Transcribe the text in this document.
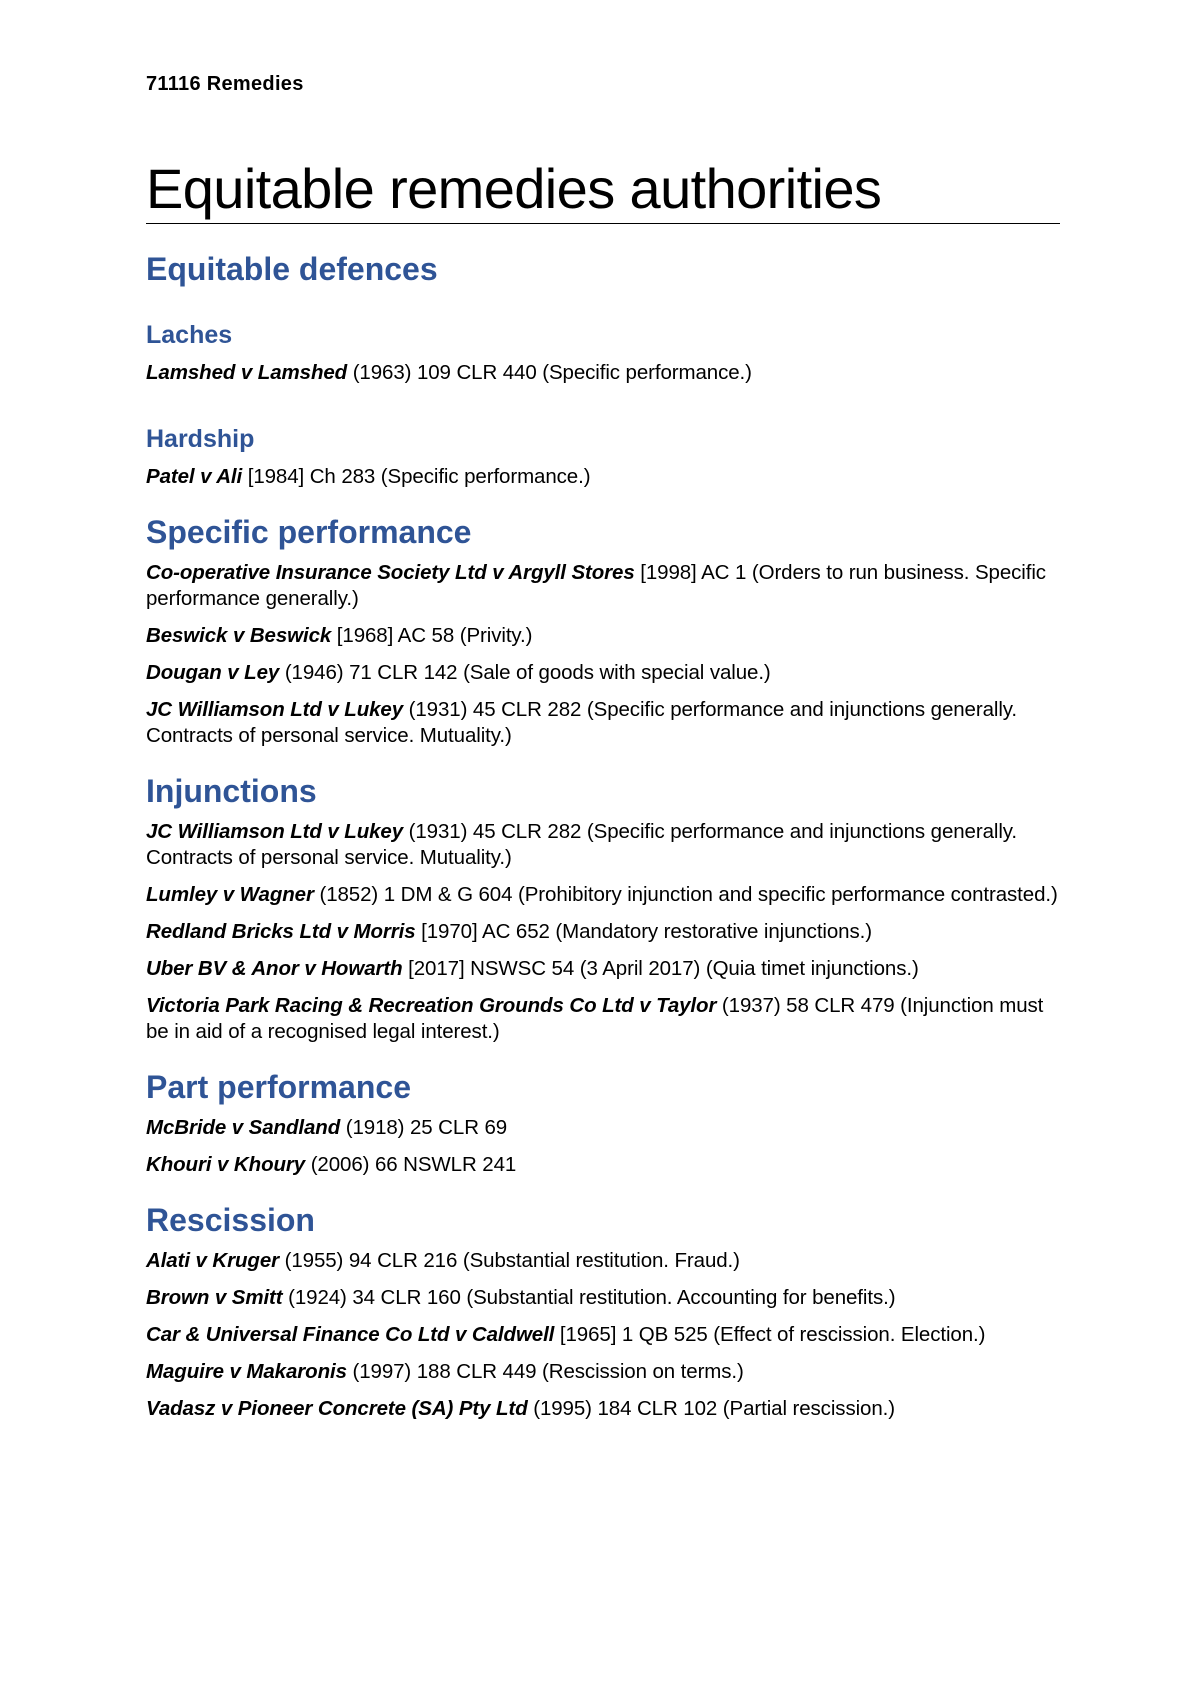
71116 Remedies
Equitable remedies authorities
Equitable defences
Laches

Lamshed v Lamshed (1963) 109 CLR 440 (Specific performance.)

Hardship

Patel v Ali [1984] Ch 283 (Specific performance.)

Specific performance

Co-operative Insurance Society Ltd v Argyll Stores [1998] AC 1 (Orders to run business. Specific performance generally.)

Beswick v Beswick [1968] AC 58 (Privity.)

Dougan v Ley (1946) 71 CLR 142 (Sale of goods with special value.)

JC Williamson Ltd v Lukey (1931) 45 CLR 282 (Specific performance and injunctions generally. Contracts of personal service. Mutuality.)

Injunctions

JC Williamson Ltd v Lukey (1931) 45 CLR 282 (Specific performance and injunctions generally. Contracts of personal service. Mutuality.)

Lumley v Wagner (1852) 1 DM & G 604 (Prohibitory injunction and specific performance contrasted.)

Redland Bricks Ltd v Morris [1970] AC 652 (Mandatory restorative injunctions.)

Uber BV & Anor v Howarth [2017] NSWSC 54 (3 April 2017) (Quia timet injunctions.)

Victoria Park Racing & Recreation Grounds Co Ltd v Taylor (1937) 58 CLR 479 (Injunction must be in aid of a recognised legal interest.)

Part performance

McBride v Sandland (1918) 25 CLR 69

Khouri v Khoury (2006) 66 NSWLR 241

Rescission

Alati v Kruger (1955) 94 CLR 216 (Substantial restitution. Fraud.)

Brown v Smitt (1924) 34 CLR 160 (Substantial restitution. Accounting for benefits.)

Car & Universal Finance Co Ltd v Caldwell [1965] 1 QB 525 (Effect of rescission. Election.)

Maguire v Makaronis (1997) 188 CLR 449 (Rescission on terms.)

Vadasz v Pioneer Concrete (SA) Pty Ltd (1995) 184 CLR 102 (Partial rescission.)
